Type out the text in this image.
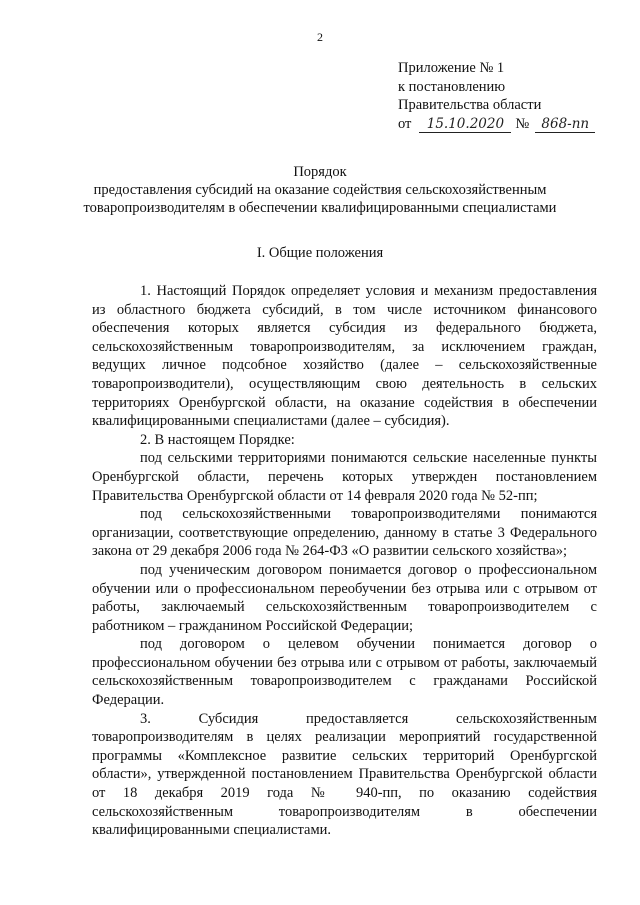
2
Приложение № 1
к постановлению
Правительства области
от	15.10.2020 № 868-пп
Порядок
предоставления субсидий на оказание содействия сельскохозяйственным
товаропроизводителям в обеспечении квалифицированными специалистами
I. Общие положения

1. Настоящий Порядок определяет условия и механизм предоставления из областного бюджета субсидий, в том числе источником финансового обеспечения которых является субсидия из федерального бюджета, сельскохозяйственным товаропроизводителям, за исключением граждан, ведущих личное подсобное хозяйство (далее – сельскохозяйственные товаропроизводители), осуществляющим свою деятельность в сельских территориях Оренбургской области, на оказание содействия в обеспечении квалифицированными специалистами (далее – субсидия).

2. В настоящем Порядке:

под сельскими территориями понимаются сельские населенные пункты Оренбургской области, перечень которых утвержден постановлением Правительства Оренбургской области от 14 февраля 2020 года № 52-пп;

под сельскохозяйственными товаропроизводителями понимаются организации, соответствующие определению, данному в статье 3 Федерального закона от 29 декабря 2006 года № 264-ФЗ «О развитии сельского хозяйства»;

под ученическим договором понимается договор о профессиональном обучении или о профессиональном переобучении без отрыва или с отрывом от работы, заключаемый сельскохозяйственным товаропроизводителем с работником – гражданином Российской Федерации;

под договором о целевом обучении понимается договор о профессиональном обучении без отрыва или с отрывом от работы, заключаемый сельскохозяйственным товаропроизводителем с гражданами Российской Федерации.

3. Субсидия предоставляется сельскохозяйственным товаропроизводителям в целях реализации мероприятий государственной программы «Комплексное развитие сельских территорий Оренбургской области», утвержденной постановлением Правительства Оренбургской области от 18 декабря 2019 года № 940-пп, по оказанию содействия сельскохозяйственным товаропроизводителям в обеспечении квалифицированными специалистами.
